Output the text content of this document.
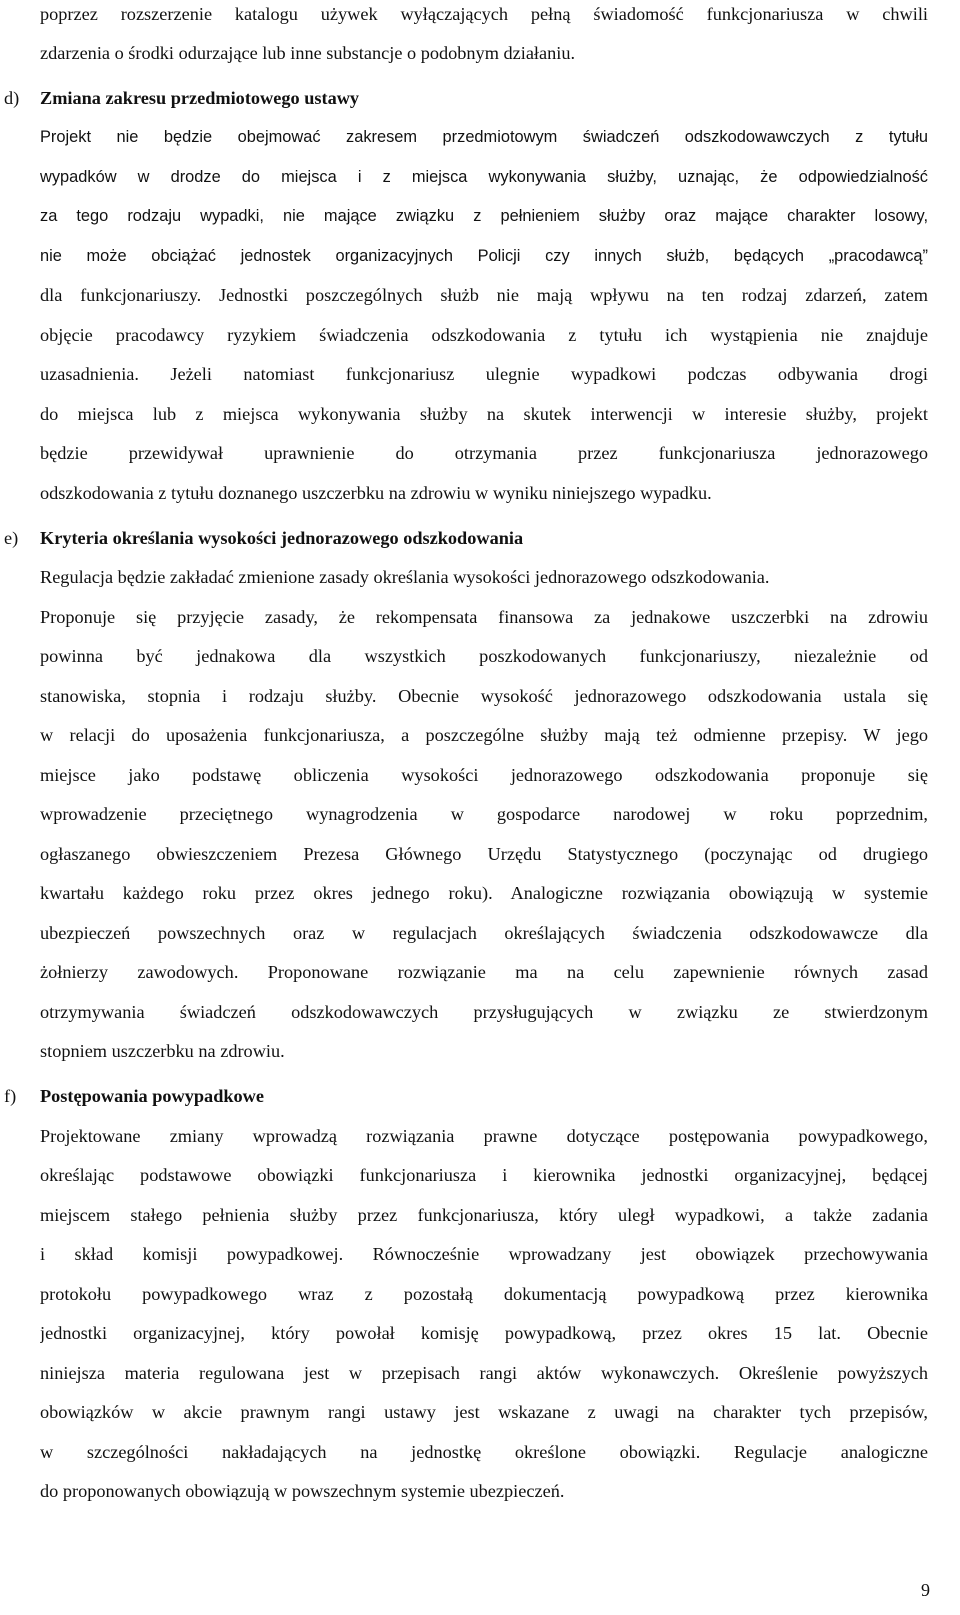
poprzez rozszerzenie katalogu używek wyłączających pełną świadomość funkcjonariusza w chwili
zdarzenia o środki odurzające lub inne substancje o podobnym działaniu.
d) Zmiana zakresu przedmiotowego ustawy
Projekt nie będzie obejmować zakresem przedmiotowym świadczeń odszkodowawczych z tytułu
wypadków w drodze do miejsca i z miejsca wykonywania służby, uznając, że odpowiedzialność
za tego rodzaju wypadki, nie mające związku z pełnieniem służby oraz mające charakter losowy,
nie może obciążać jednostek organizacyjnych Policji czy innych służb, będących „pracodawcą”
dla funkcjonariuszy. Jednostki poszczególnych służb nie mają wpływu na ten rodzaj zdarzeń, zatem
objęcie pracodawcy ryzykiem świadczenia odszkodowania z tytułu ich wystąpienia nie znajduje
uzasadnienia. Jeżeli natomiast funkcjonariusz ulegnie wypadkowi podczas odbywania drogi
do miejsca lub z miejsca wykonywania służby na skutek interwencji w interesie służby, projekt
będzie przewidywał uprawnienie do otrzymania przez funkcjonariusza jednorazowego
odszkodowania z tytułu doznanego uszczerbku na zdrowiu w wyniku niniejszego wypadku.
e) Kryteria określania wysokości jednorazowego odszkodowania
Regulacja będzie zakładać zmienione zasady określania wysokości jednorazowego odszkodowania.
Proponuje się przyjęcie zasady, że rekompensata finansowa za jednakowe uszczerbki na zdrowiu
powinna być jednakowa dla wszystkich poszkodowanych funkcjonariuszy, niezależnie od
stanowiska, stopnia i rodzaju służby. Obecnie wysokość jednorazowego odszkodowania ustala się
w relacji do uposażenia funkcjonariusza, a poszczególne służby mają też odmienne przepisy. W jego
miejsce jako podstawę obliczenia wysokości jednorazowego odszkodowania proponuje się
wprowadzenie przeciętnego wynagrodzenia w gospodarce narodowej w roku poprzednim,
ogłaszanego obwieszczeniem Prezesa Głównego Urzędu Statystycznego (poczynając od drugiego
kwartału każdego roku przez okres jednego roku). Analogiczne rozwiązania obowiązują w systemie
ubezpieczeń powszechnych oraz w regulacjach określających świadczenia odszkodowawcze dla
żołnierzy zawodowych. Proponowane rozwiązanie ma na celu zapewnienie równych zasad
otrzymywania świadczeń odszkodowawczych przysługujących w związku ze stwierdzonym
stopniem uszczerbku na zdrowiu.
f) Postępowania powypadkowe
Projektowane zmiany wprowadzą rozwiązania prawne dotyczące postępowania powypadkowego,
określając podstawowe obowiązki funkcjonariusza i kierownika jednostki organizacyjnej, będącej
miejscem stałego pełnienia służby przez funkcjonariusza, który uległ wypadkowi, a także zadania
i skład komisji powypadkowej. Równocześnie wprowadzany jest obowiązek przechowywania
protokołu powypadkowego wraz z pozostałą dokumentacją powypadkową przez kierownika
jednostki organizacyjnej, który powołał komisję powypadkową, przez okres 15 lat. Obecnie
niniejsza materia regulowana jest w przepisach rangi aktów wykonawczych. Określenie powyższych
obowiązków w akcie prawnym rangi ustawy jest wskazane z uwagi na charakter tych przepisów,
w szczególności nakładających na jednostkę określone obowiązki. Regulacje analogiczne
do proponowanych obowiązują w powszechnym systemie ubezpieczeń.
9
